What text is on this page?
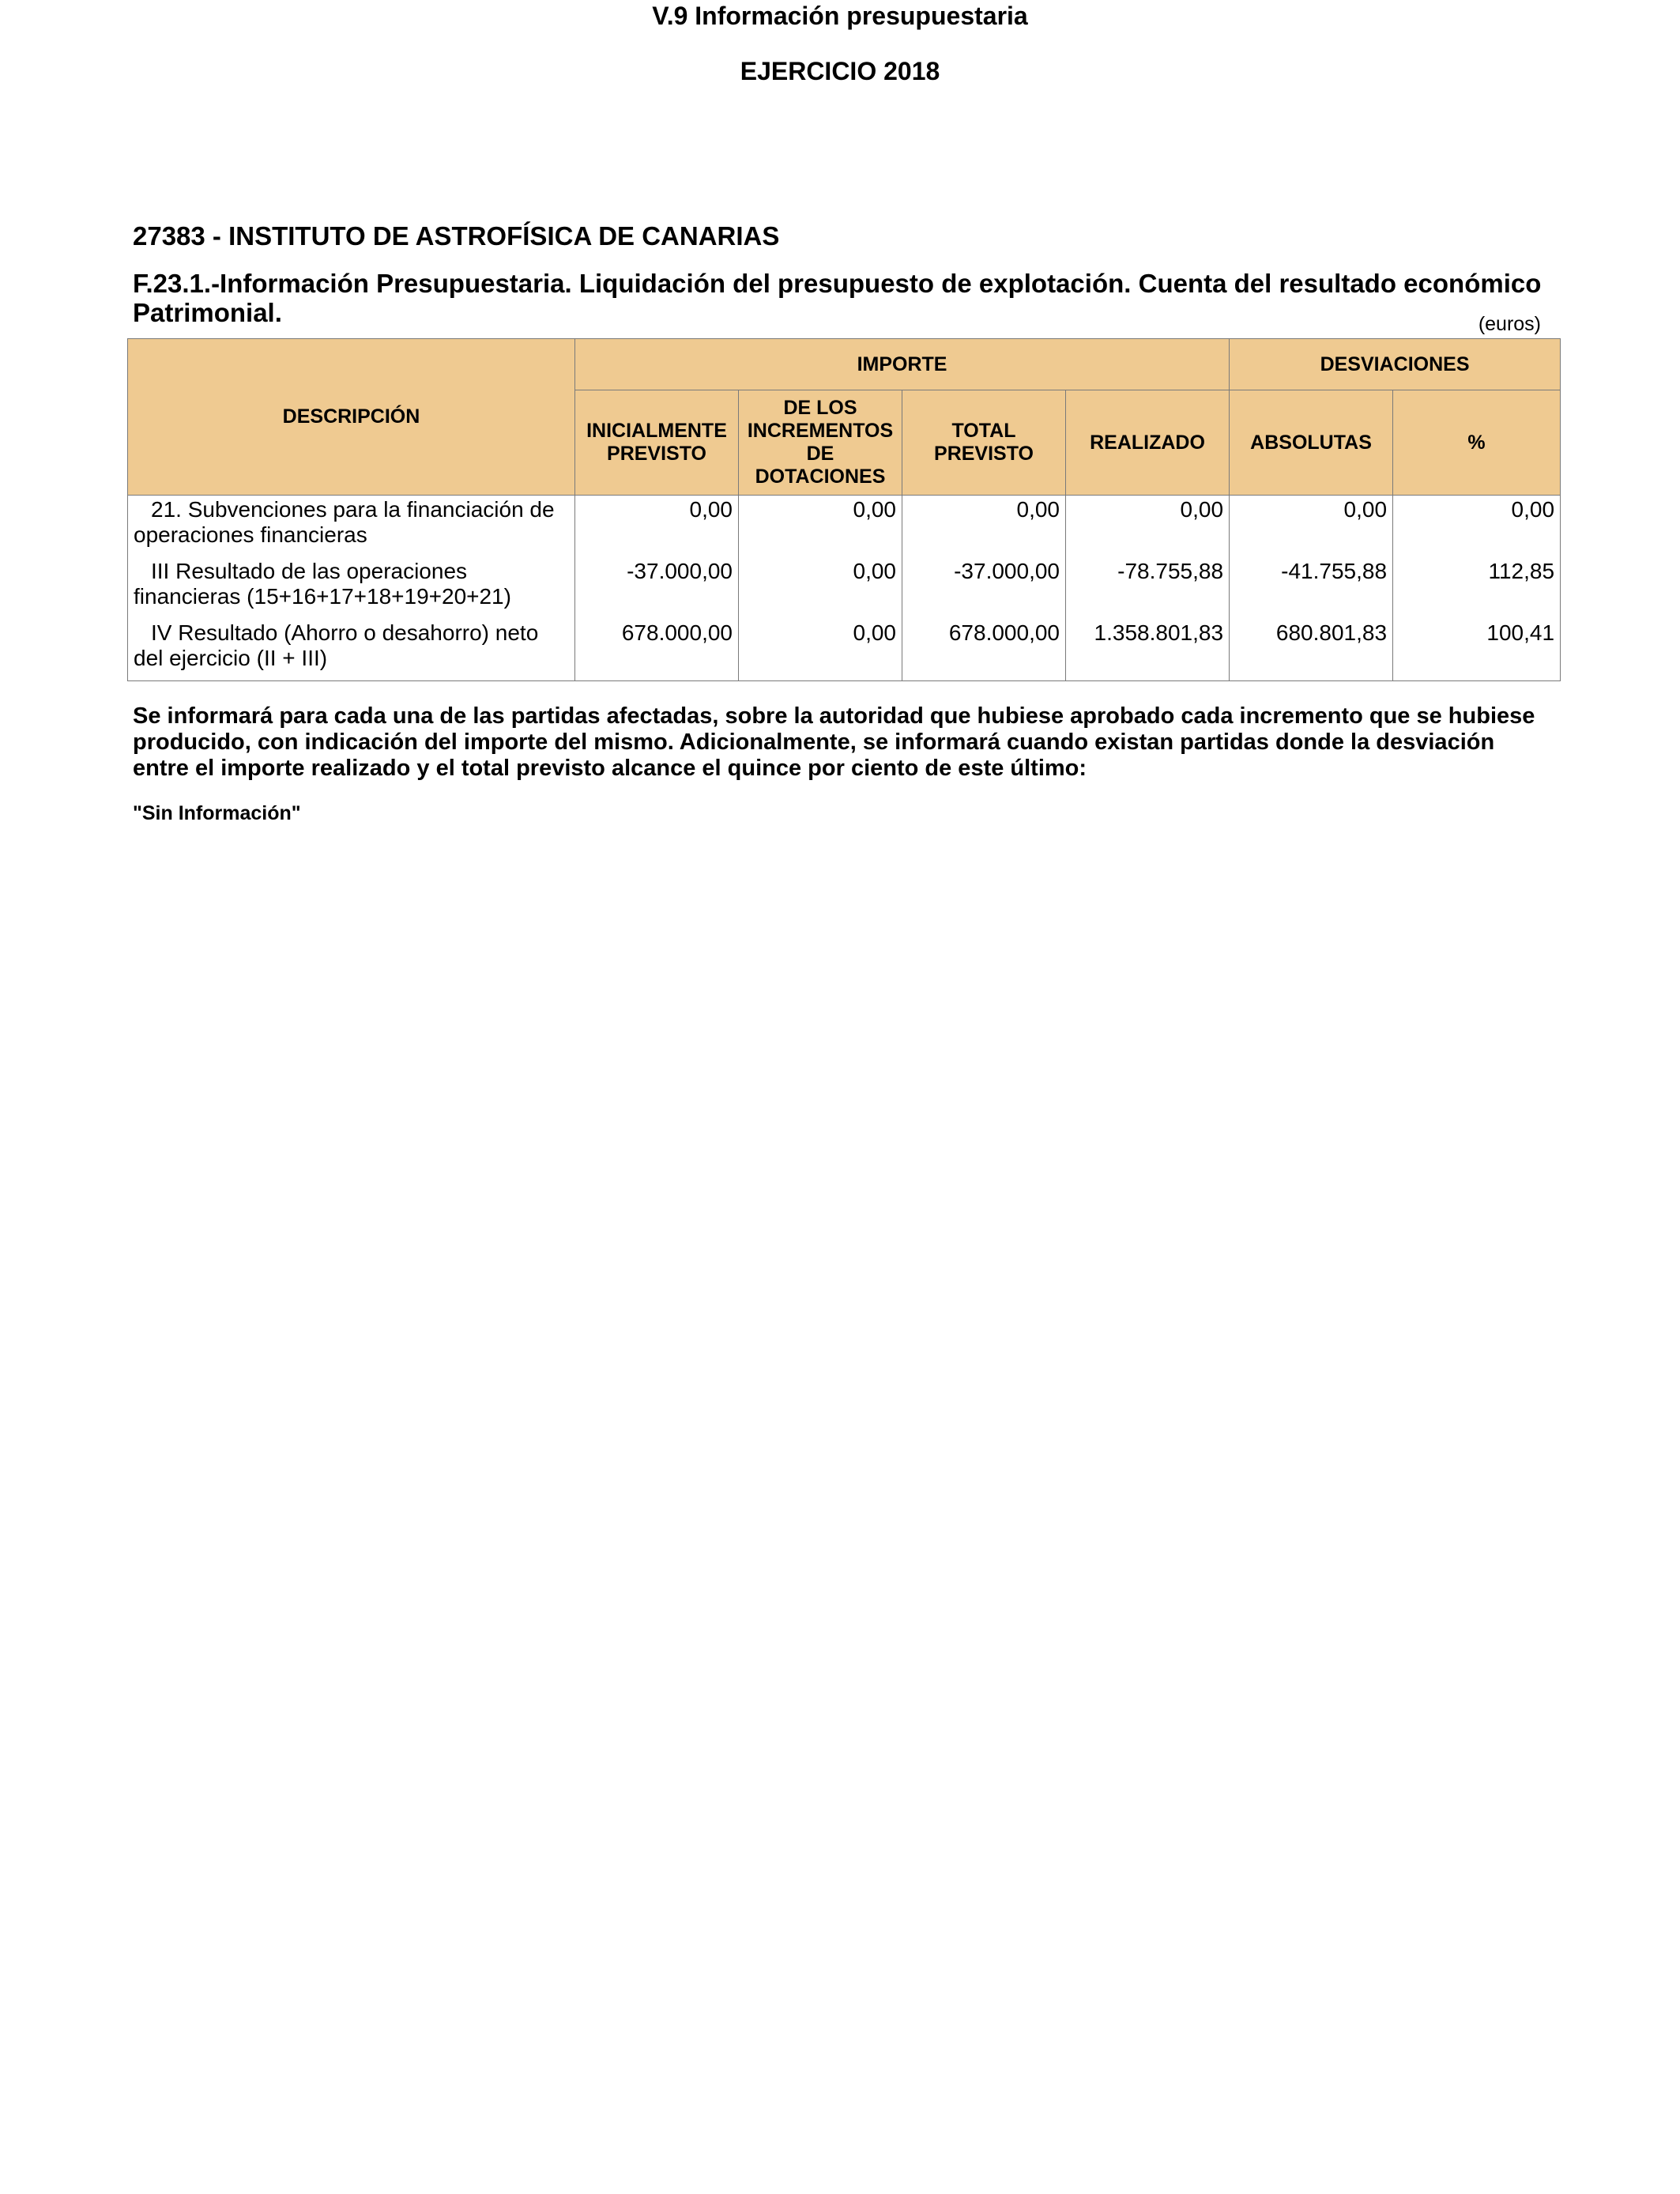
V.9 Información presupuestaria
EJERCICIO 2018
27383 - INSTITUTO DE ASTROFÍSICA DE CANARIAS
F.23.1.-Información Presupuestaria. Liquidación del presupuesto de explotación. Cuenta del resultado económico Patrimonial.	(euros)
DESCRIPCIÓN	IMPORTE				DESVIACIONES	
	INICIALMENTE PREVISTO	DE LOS INCREMENTOS DE DOTACIONES	TOTAL PREVISTO	REALIZADO	ABSOLUTAS	%
21. Subvenciones para la financiación de operaciones financieras	0,00	0,00	0,00	0,00	0,00	0,00
III Resultado de las operaciones financieras (15+16+17+18+19+20+21)	-37.000,00	0,00	-37.000,00	-78.755,88	-41.755,88	112,85
IV Resultado (Ahorro o desahorro) neto del ejercicio (II + III)	678.000,00	0,00	678.000,00	1.358.801,83	680.801,83	100,41

Se informará para cada una de las partidas afectadas, sobre la autoridad que hubiese aprobado cada incremento que se hubiese producido, con indicación del importe del mismo. Adicionalmente, se informará cuando existan partidas donde la desviación entre el importe realizado y el total previsto alcance el quince por ciento de este último:

"Sin Información"
